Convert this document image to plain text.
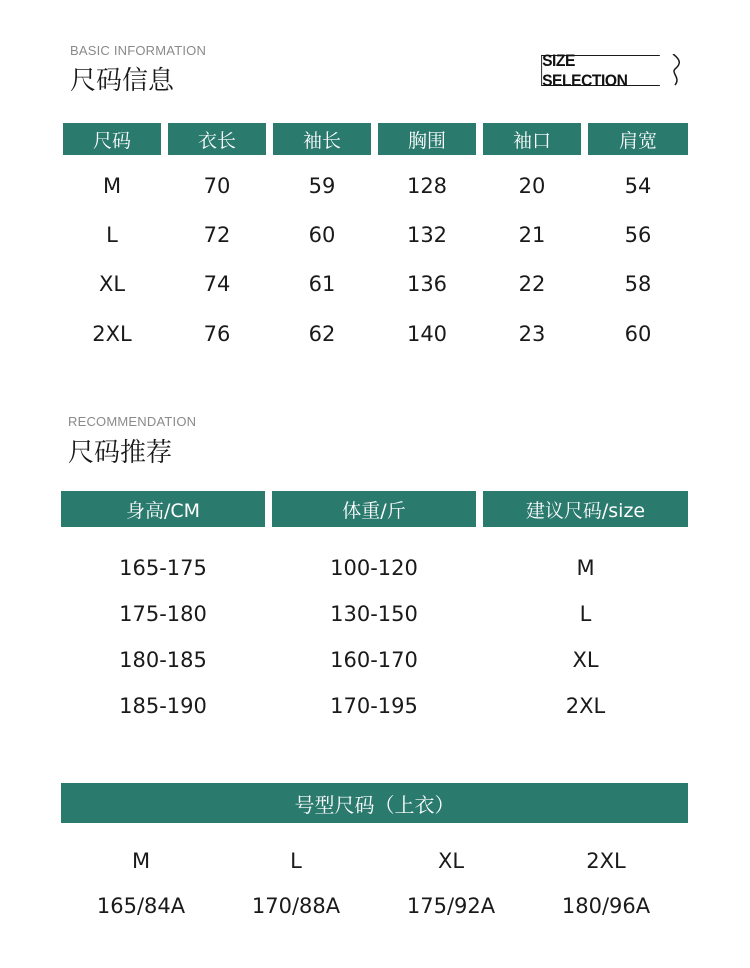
BASIC INFORMATION
尺码信息
SIZE SELECTION
尺码	衣长	袖长	胸围	袖口	肩宽
M	70	59	128	20	54
L	72	60	132	21	56
XL	74	61	136	22	58
2XL	76	62	140	23	60
RECOMMENDATION
尺码推荐
身高/CM	体重/斤	建议尺码/size
165-175	100-120	M
175-180	130-150	L
180-185	160-170	XL
185-190	170-195	2XL
号型尺码（上衣）
M	L	XL	2XL
165/84A	170/88A	175/92A	180/96A
